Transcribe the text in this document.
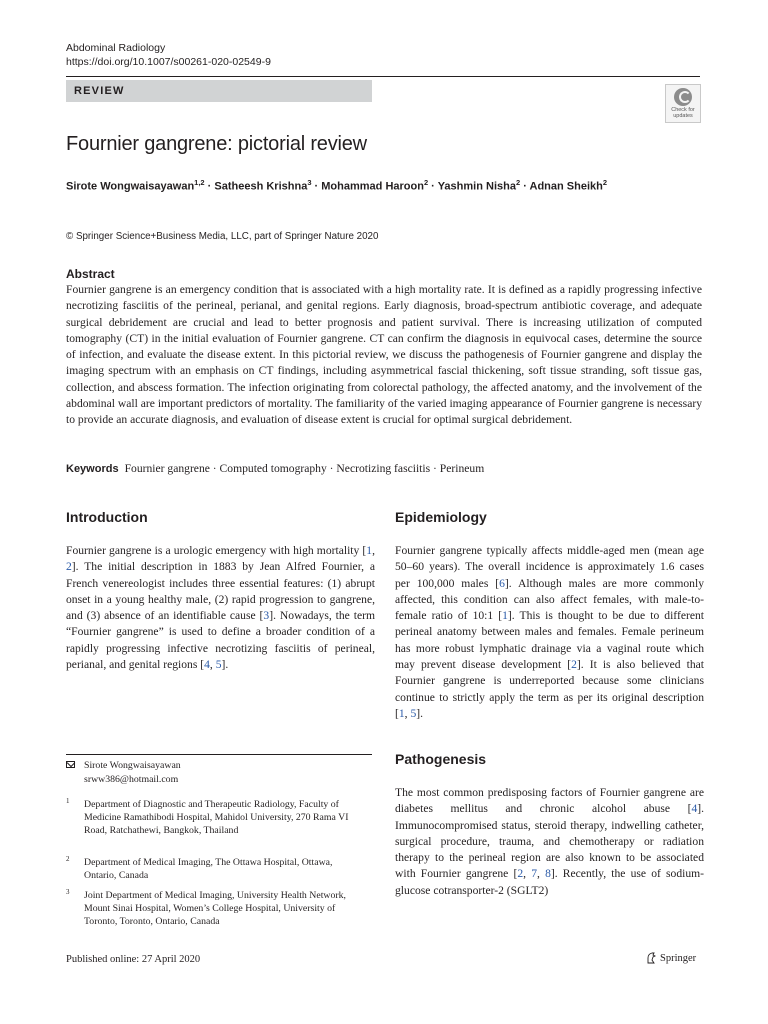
Abdominal Radiology
https://doi.org/10.1007/s00261-020-02549-9
REVIEW
Check for
updates
Fournier gangrene: pictorial review
Sirote Wongwaisayawan$^{1,2}$ · Satheesh Krishna$^3$ · Mohammad Haroon$^2$ · Yashmin Nisha$^2$ · Adnan Sheikh$^2$
© Springer Science+Business Media, LLC, part of Springer Nature 2020
Abstract

Fournier gangrene is an emergency condition that is associated with a high mortality rate. It is defined as a rapidly progressing infective necrotizing fasciitis of the perineal, perianal, and genital regions. Early diagnosis, broad-spectrum antibiotic coverage, and adequate surgical debridement are crucial and lead to better prognosis and patient survival. There is increasing utilization of computed tomography (CT) in the initial evaluation of Fournier gangrene. CT can confirm the diagnosis in equivocal cases, determine the source of infection, and evaluate the disease extent. In this pictorial review, we discuss the pathogenesis of Fournier gangrene and display the imaging spectrum with an emphasis on CT findings, including asymmetrical fascial thickening, soft tissue stranding, soft tissue gas, collection, and abscess formation. The infection originating from colorectal pathology, the affected anatomy, and the involvement of the abdominal wall are important predictors of mortality. The familiarity of the varied imaging appearance of Fournier gangrene is necessary to provide an accurate diagnosis, and evaluation of disease extent is crucial for optimal surgical debridement.

Keywords Fournier gangrene · Computed tomography · Necrotizing fasciitis · Perineum
Introduction

Fournier gangrene is a urologic emergency with high mortality [1, 2]. The initial description in 1883 by Jean Alfred Fournier, a French venereologist includes three essential features: (1) abrupt onset in a young healthy male, (2) rapid progression to gangrene, and (3) absence of an identifiable cause [3]. Nowadays, the term “Fournier gangrene” is used to define a broader condition of a rapidly progressing infective necrotizing fasciitis of perineal, perianal, and genital regions [4, 5].

Epidemiology

Fournier gangrene typically affects middle-aged men (mean age 50–60 years). The overall incidence is approximately 1.6 cases per 100,000 males [6]. Although males are more commonly affected, this condition can also affect females, with male-to-female ratio of 10:1 [1]. This is thought to be due to different perineal anatomy between males and females. Female perineum has more robust lymphatic drainage via a vaginal route which may prevent disease development [2]. It is also believed that Fournier gangrene is underreported because some clinicians continue to strictly apply the term as per its original description [1, 5].

Pathogenesis

The most common predisposing factors of Fournier gangrene are diabetes mellitus and chronic alcohol abuse [4]. Immunocompromised status, steroid therapy, indwelling catheter, surgical procedure, trauma, and chemotherapy or radiation therapy to the perineal region are also known to be associated with Fournier gangrene [2, 7, 8]. Recently, the use of sodium-glucose cotransporter-2 (SGLT2)

Sirote Wongwaisayawan
srww386@hotmail.com
1 Department of Diagnostic and Therapeutic Radiology, Faculty of Medicine Ramathibodi Hospital, Mahidol University, 270 Rama VI Road, Ratchathewi, Bangkok, Thailand
2 Department of Medical Imaging, The Ottawa Hospital, Ottawa, Ontario, Canada
3 Joint Department of Medical Imaging, University Health Network, Mount Sinai Hospital, Women’s College Hospital, University of Toronto, Toronto, Ontario, Canada
Published online: 27 April 2020	Springer
